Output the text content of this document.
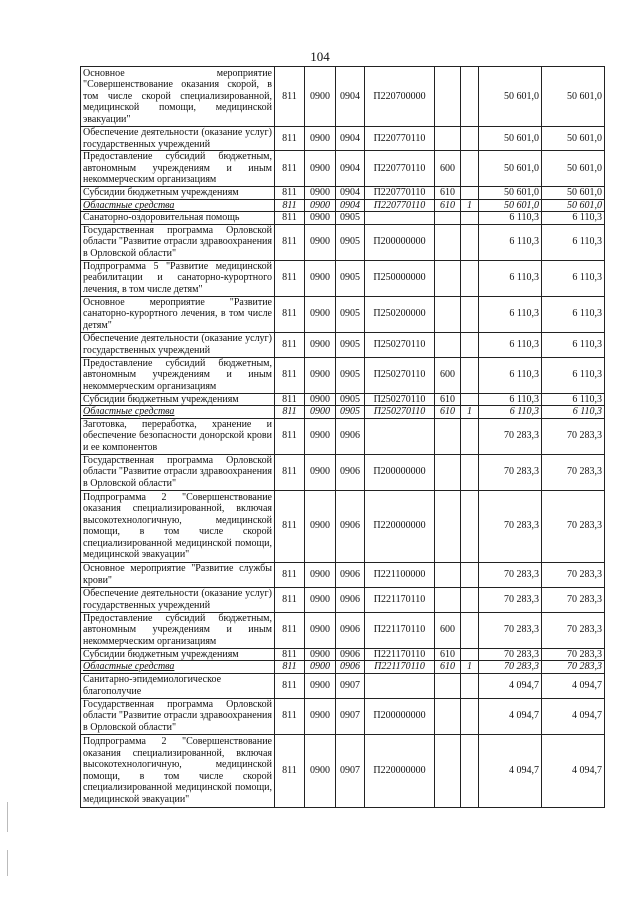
104
Основное мероприятие "Совершенствование оказания скорой, в том числе скорой специализированной, медицинской помощи, медицинской эвакуации"	811	0900	0904	П220700000			50 601,0	50 601,0
Обеспечение деятельности (оказание услуг) государственных учреждений	811	0900	0904	П220770110			50 601,0	50 601,0
Предоставление субсидий бюджетным, автономным учреждениям и иным некоммерческим организациям	811	0900	0904	П220770110	600		50 601,0	50 601,0
Субсидии бюджетным учреждениям	811	0900	0904	П220770110	610		50 601,0	50 601,0
Областные средства	811	0900	0904	П220770110	610	1	50 601,0	50 601,0
Санаторно-оздоровительная помощь	811	0900	0905				6 110,3	6 110,3
Государственная программа Орловской области "Развитие отрасли здравоохранения в Орловской области"	811	0900	0905	П200000000			6 110,3	6 110,3
Подпрограмма 5 "Развитие медицинской реабилитации и санаторно-курортного лечения, в том числе детям"	811	0900	0905	П250000000			6 110,3	6 110,3
Основное мероприятие "Развитие санаторно-курортного лечения, в том числе детям"	811	0900	0905	П250200000			6 110,3	6 110,3
Обеспечение деятельности (оказание услуг) государственных учреждений	811	0900	0905	П250270110			6 110,3	6 110,3
Предоставление субсидий бюджетным, автономным учреждениям и иным некоммерческим организациям	811	0900	0905	П250270110	600		6 110,3	6 110,3
Субсидии бюджетным учреждениям	811	0900	0905	П250270110	610		6 110,3	6 110,3
Областные средства	811	0900	0905	П250270110	610	1	6 110,3	6 110,3
Заготовка, переработка, хранение и обеспечение безопасности донорской крови и ее компонентов	811	0900	0906				70 283,3	70 283,3
Государственная программа Орловской области "Развитие отрасли здравоохранения в Орловской области"	811	0900	0906	П200000000			70 283,3	70 283,3
Подпрограмма 2 "Совершенствование оказания специализированной, включая высокотехнологичную, медицинской помощи, в том числе скорой специализированной медицинской помощи, медицинской эвакуации"	811	0900	0906	П220000000			70 283,3	70 283,3
Основное мероприятие "Развитие службы крови"	811	0900	0906	П221100000			70 283,3	70 283,3
Обеспечение деятельности (оказание услуг) государственных учреждений	811	0900	0906	П221170110			70 283,3	70 283,3
Предоставление субсидий бюджетным, автономным учреждениям и иным некоммерческим организациям	811	0900	0906	П221170110	600		70 283,3	70 283,3
Субсидии бюджетным учреждениям	811	0900	0906	П221170110	610		70 283,3	70 283,3
Областные средства	811	0900	0906	П221170110	610	1	70 283,3	70 283,3
Санитарно-эпидемиологическое благополучие	811	0900	0907				4 094,7	4 094,7
Государственная программа Орловской области "Развитие отрасли здравоохранения в Орловской области"	811	0900	0907	П200000000			4 094,7	4 094,7
Подпрограмма 2 "Совершенствование оказания специализированной, включая высокотехнологичную, медицинской помощи, в том числе скорой специализированной медицинской помощи, медицинской эвакуации"	811	0900	0907	П220000000			4 094,7	4 094,7
